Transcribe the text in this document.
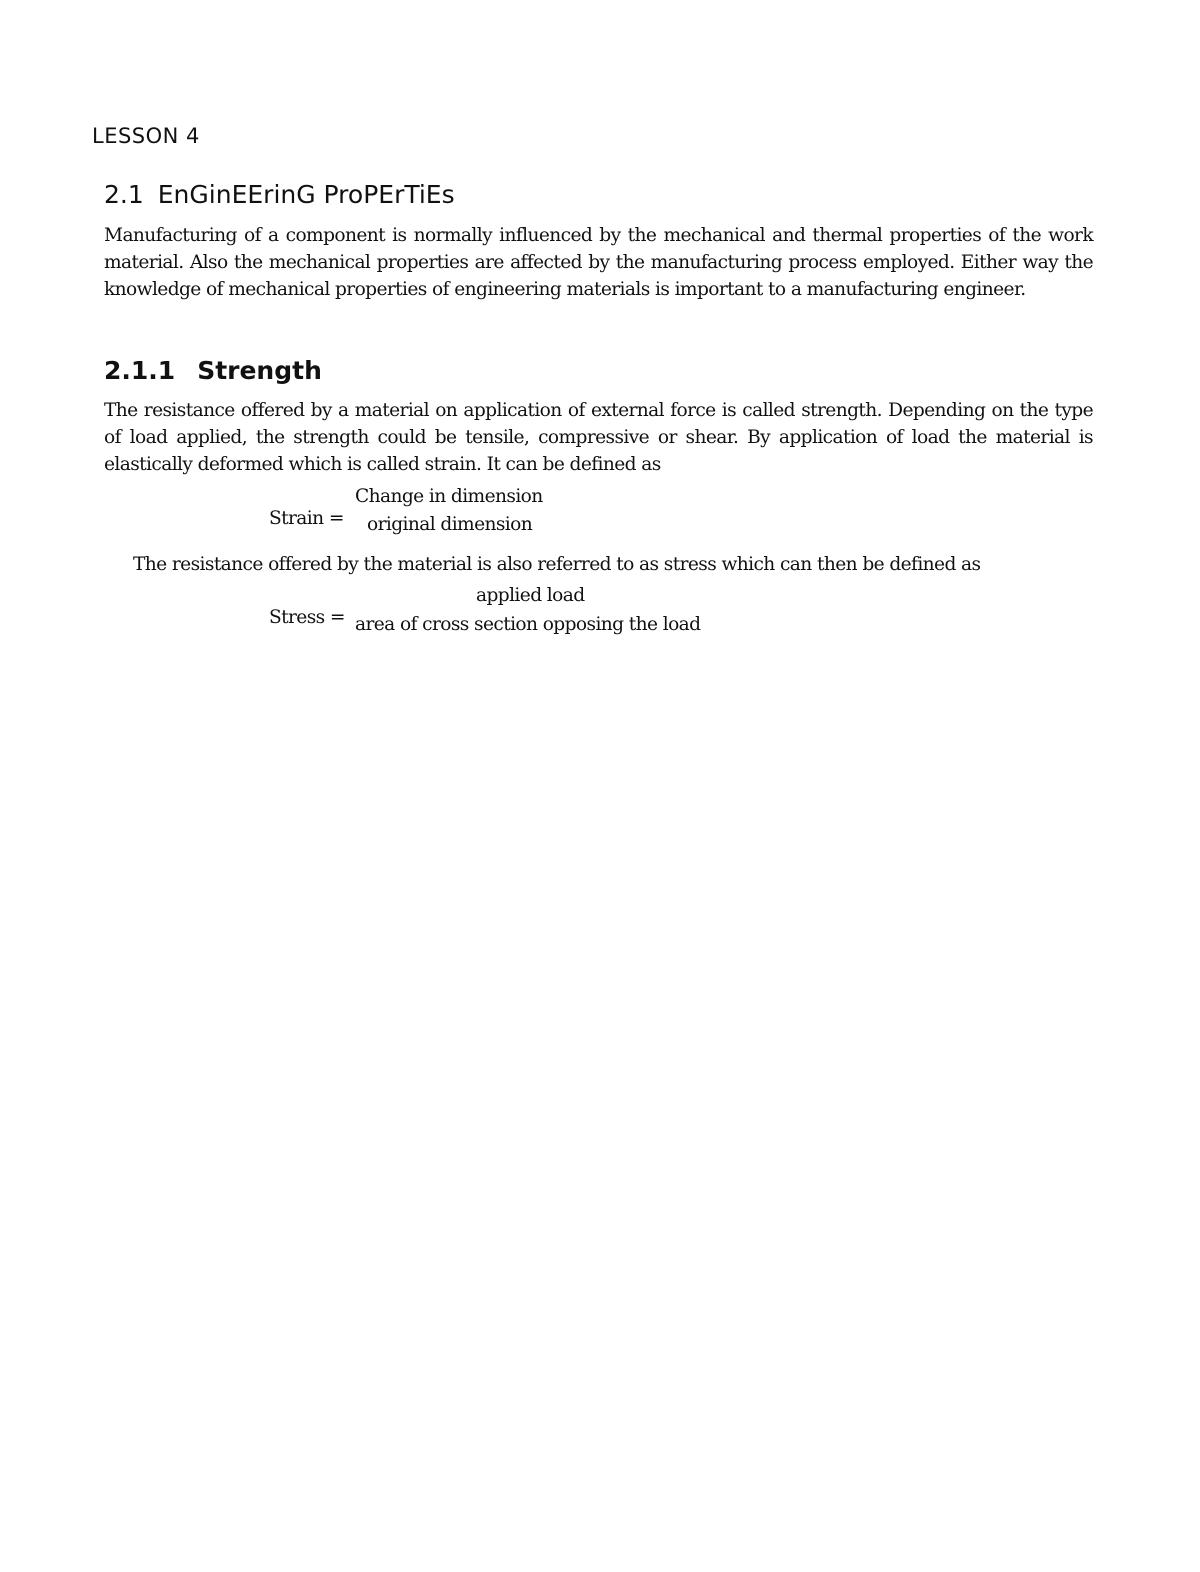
LESSON 4
2.1 EnGinEErinG ProPErTiEs

Manufacturing of a component is normally influenced by the mechanical and thermal properties of the work material. Also the mechanical properties are affected by the manufacturing process employed. Either way the knowledge of mechanical properties of engineering materials is important to a manufacturing engineer.

2.1.1 Strength

The resistance offered by a material on application of external force is called strength. Depending on the type of load applied, the strength could be tensile, compressive or shear. By application of load the material is elastically deformed which is called strain. It can be defined as

Strain =
Change in dimension
original dimension

The resistance offered by the material is also referred to as stress which can then be defined as

Stress =
applied load
area of cross section opposing the load
